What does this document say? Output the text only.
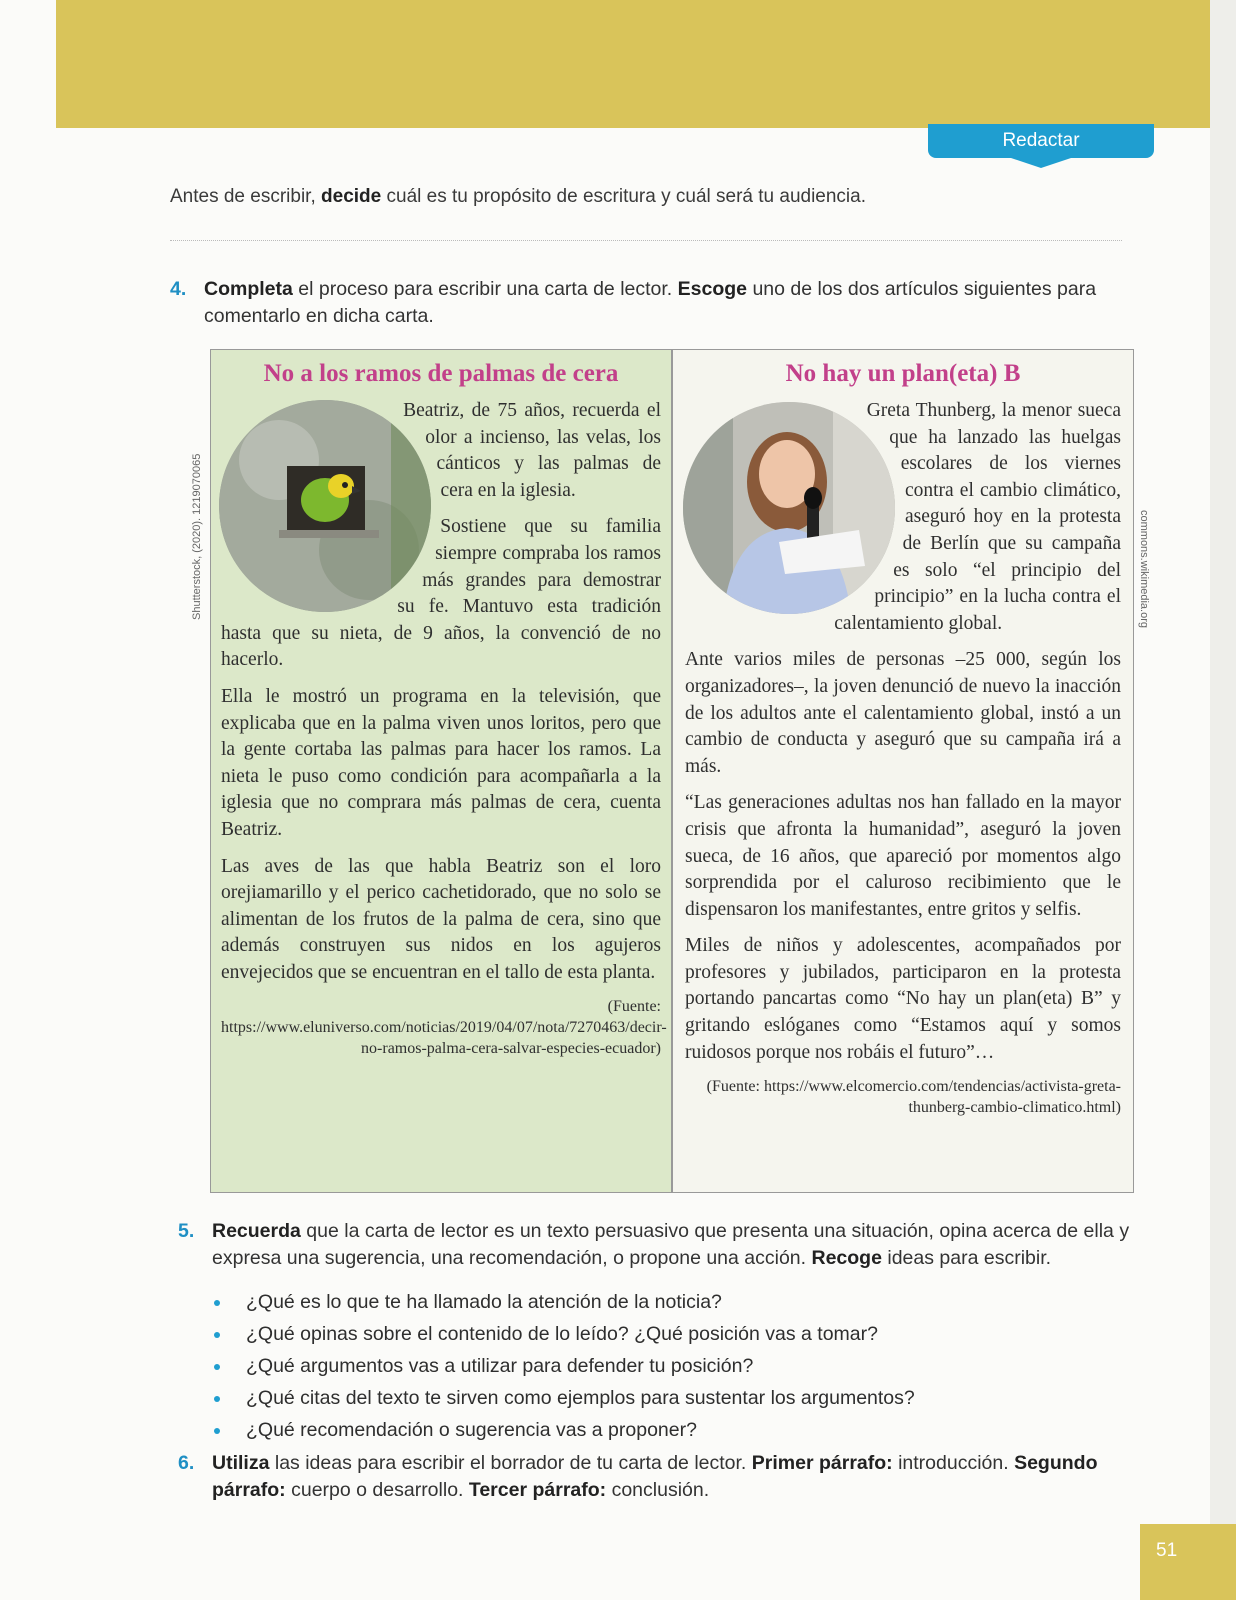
Redactar
Antes de escribir, decide cuál es tu propósito de escritura y cuál será tu audiencia.
4. Completa el proceso para escribir una carta de lector. Escoge uno de los dos artículos siguientes para comentarlo en dicha carta.
No a los ramos de palmas de cera

Beatriz, de 75 años, recuerda el olor a incienso, las velas, los cánticos y las palmas de cera en la iglesia.

Sostiene que su familia siempre compraba los ramos más grandes para demostrar su fe. Mantuvo esta tradición hasta que su nieta, de 9 años, la convenció de no hacerlo.

Ella le mostró un programa en la televisión, que explicaba que en la palma viven unos loritos, pero que la gente cortaba las palmas para hacer los ramos. La nieta le puso como condición para acompañarla a la iglesia que no comprara más palmas de cera, cuenta Beatriz.

Las aves de las que habla Beatriz son el loro orejiamarillo y el perico cachetidorado, que no solo se alimentan de los frutos de la palma de cera, sino que además construyen sus nidos en los agujeros envejecidos que se encuentran en el tallo de esta planta.

(Fuente: https://www.eluniverso.com/noticias/2019/04/07/nota/7270463/decir-no-ramos-palma-cera-salvar-especies-ecuador)
Shutterstock, (2020). 1219070065
No hay un plan(eta) B

Greta Thunberg, la menor sueca que ha lanzado las huelgas escolares de los viernes contra el cambio climático, aseguró hoy en la protesta de Berlín que su campaña es solo “el principio del principio” en la lucha contra el calentamiento global.

Ante varios miles de personas –25 000, según los organizadores–, la joven denunció de nuevo la inacción de los adultos ante el calentamiento global, instó a un cambio de conducta y aseguró que su campaña irá a más.

“Las generaciones adultas nos han fallado en la mayor crisis que afronta la humanidad”, aseguró la joven sueca, de 16 años, que apareció por momentos algo sorprendida por el caluroso recibimiento que le dispensaron los manifestantes, entre gritos y selfis.

Miles de niños y adolescentes, acompañados por profesores y jubilados, participaron en la protesta portando pancartas como “No hay un plan(eta) B” y gritando eslóganes como “Estamos aquí y somos ruidosos porque nos robáis el futuro”…

(Fuente: https://www.elcomercio.com/tendencias/activista-greta-thunberg-cambio-climatico.html)
commons.wikimedia.org
5. Recuerda que la carta de lector es un texto persuasivo que presenta una situación, opina acerca de ella y expresa una sugerencia, una recomendación, o propone una acción. Recoge ideas para escribir.
¿Qué es lo que te ha llamado la atención de la noticia?
¿Qué opinas sobre el contenido de lo leído? ¿Qué posición vas a tomar?
¿Qué argumentos vas a utilizar para defender tu posición?
¿Qué citas del texto te sirven como ejemplos para sustentar los argumentos?
¿Qué recomendación o sugerencia vas a proponer?
6. Utiliza las ideas para escribir el borrador de tu carta de lector. Primer párrafo: introducción. Segundo párrafo: cuerpo o desarrollo. Tercer párrafo: conclusión.
51
